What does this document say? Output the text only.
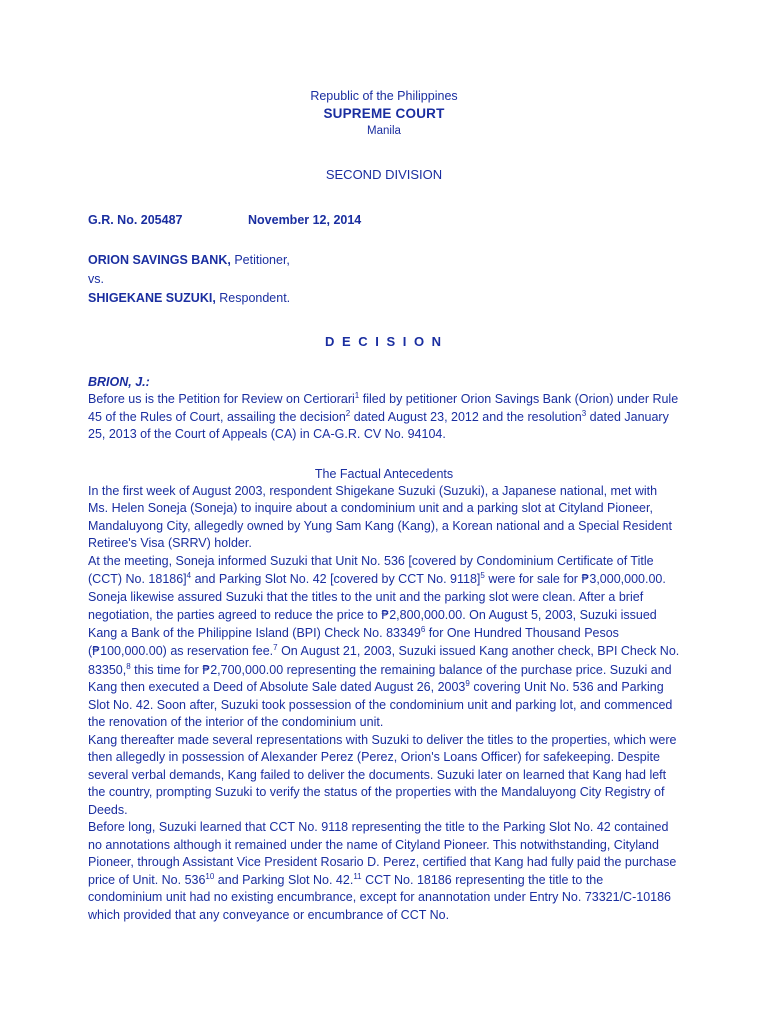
Republic of the Philippines
SUPREME COURT
Manila
SECOND DIVISION
G.R. No. 205487	November 12, 2014
ORION SAVINGS BANK, Petitioner,
vs.
SHIGEKANE SUZUKI, Respondent.
D E C I S I O N
BRION, J.:

Before us is the Petition for Review on Certiorari$^1$ filed by petitioner Orion Savings Bank (Orion) under Rule 45 of the Rules of Court, assailing the decision$^2$ dated August 23, 2012 and the resolution$^3$ dated January 25, 2013 of the Court of Appeals (CA) in CA-G.R. CV No. 94104.

The Factual Antecedents

In the first week of August 2003, respondent Shigekane Suzuki (Suzuki), a Japanese national, met with Ms. Helen Soneja (Soneja) to inquire about a condominium unit and a parking slot at Cityland Pioneer, Mandaluyong City, allegedly owned by Yung Sam Kang (Kang), a Korean national and a Special Resident Retiree's Visa (SRRV) holder.

At the meeting, Soneja informed Suzuki that Unit No. 536 [covered by Condominium Certificate of Title (CCT) No. 18186]$^4$ and Parking Slot No. 42 [covered by CCT No. 9118]$^5$ were for sale for ₱3,000,000.00. Soneja likewise assured Suzuki that the titles to the unit and the parking slot were clean. After a brief negotiation, the parties agreed to reduce the price to ₱2,800,000.00. On August 5, 2003, Suzuki issued Kang a Bank of the Philippine Island (BPI) Check No. 83349$^6$ for One Hundred Thousand Pesos (₱100,000.00) as reservation fee.$^7$ On August 21, 2003, Suzuki issued Kang another check, BPI Check No. 83350,$^8$ this time for ₱2,700,000.00 representing the remaining balance of the purchase price. Suzuki and Kang then executed a Deed of Absolute Sale dated August 26, 2003$^9$ covering Unit No. 536 and Parking Slot No. 42. Soon after, Suzuki took possession of the condominium unit and parking lot, and commenced the renovation of the interior of the condominium unit.

Kang thereafter made several representations with Suzuki to deliver the titles to the properties, which were then allegedly in possession of Alexander Perez (Perez, Orion's Loans Officer) for safekeeping. Despite several verbal demands, Kang failed to deliver the documents. Suzuki later on learned that Kang had left the country, prompting Suzuki to verify the status of the properties with the Mandaluyong City Registry of Deeds.

Before long, Suzuki learned that CCT No. 9118 representing the title to the Parking Slot No. 42 contained no annotations although it remained under the name of Cityland Pioneer. This notwithstanding, Cityland Pioneer, through Assistant Vice President Rosario D. Perez, certified that Kang had fully paid the purchase price of Unit. No. $536^{10}$ and Parking Slot No. 42.11 CCT No. 18186 representing the title to the condominium unit had no existing encumbrance, except for anannotation under Entry No. 73321/C-10186 which provided that any conveyance or encumbrance of CCT No.
